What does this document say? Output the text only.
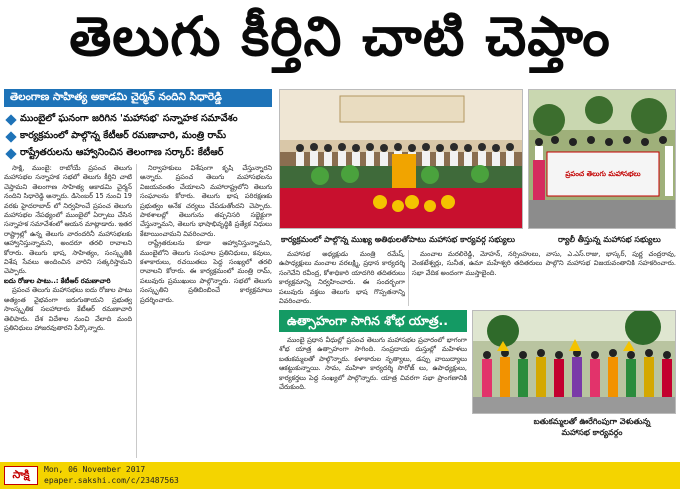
తెలుగు కీర్తిని చాటి చెప్తాం
తెలంగాణ సాహిత్య అకాడమి చైర్మన్ నందిని సిధారెడ్డి
ముంబైలో ఘనంగా జరిగిన 'మహాసభ' సన్నాహక సమావేశం
కార్యక్రమంలో పాల్గొన్న కేటీఆర్ రమణాచారి, మంత్రి రామ్
రాష్ట్రేతరులను ఆహ్వానించిన తెలంగాణ సర్కార్: కేటీఆర్

సాక్షి, ముంబై: రాబోయే ప్రపంచ తెలుగు మహాసభల సన్నాహక సభలో తెలుగు కీర్తిని చాటి చెప్తామని తెలంగాణ సాహిత్య అకాడమి చైర్మన్ నందిని సిధారెడ్డి అన్నారు. డిసెంబర్ 15 నుంచి 19 వరకు హైదరాబాద్ లో నిర్వహించే ప్రపంచ తెలుగు మహాసభల నేపథ్యంలో ముంబైలో ఏర్పాటు చేసిన సన్నాహక సమావేశంలో ఆయన మాట్లాడారు. ఇతర రాష్ట్రాల్లో ఉన్న తెలుగు వారందరినీ మహాసభలకు ఆహ్వానిస్తున్నామని, అందరూ తరలి రావాలని కోరారు. తెలుగు భాష, సాహిత్యం, సంస్కృతికి విశేష సేవలు అందించిన వారిని సత్కరిస్తామని చెప్పారు.

ఐదు రోజుల పాటు..: కేటీఆర్ రమణాచారి

ప్రపంచ తెలుగు మహాసభలు ఐదు రోజుల పాటు అత్యంత వైభవంగా జరుగుతాయని ప్రభుత్వ సాంస్కృతిక సలహాదారు కేటీఆర్ రమణాచారి తెలిపారు. దేశ విదేశాల నుంచి వేలాది మంది ప్రతినిధులు హాజరవుతారని పేర్కొన్నారు.

నిర్వాహకులు విశేషంగా కృషి చేస్తున్నారని అన్నారు. ప్రపంచ తెలుగు మహాసభలను విజయవంతం చేయాలని మహారాష్ట్రలోని తెలుగు సంఘాలను కోరారు. తెలుగు భాష పరిరక్షణకు ప్రభుత్వం అనేక చర్యలు చేపడుతోందని చెప్పారు. పాఠశాలల్లో తెలుగును తప్పనిసరి సబ్జెక్టుగా చేస్తున్నామని, తెలుగు భాషాభివృద్ధికి ప్రత్యేక నిధులు కేటాయించామని వివరించారు.

రాష్ట్రేతరులను కూడా ఆహ్వానిస్తున్నామని, ముంబైలోని తెలుగు సంఘాల ప్రతినిధులు, కవులు, కళాకారులు, రచయితలు పెద్ద సంఖ్యలో తరలి రావాలని కోరారు. ఈ కార్యక్రమంలో మంత్రి రామ్, పలువురు ప్రముఖులు పాల్గొన్నారు. సభలో తెలుగు సంస్కృతిని ప్రతిబింబించే కార్యక్రమాలు ప్రదర్శించారు.

కార్యక్రమంలో పాల్గొన్న ముఖ్య అతిథులతోపాటు మహాసభ కార్యవర్గ సభ్యులు
ప్రపంచ తెలుగు మహాసభలు
ర్యాలీ తీస్తున్న మహాసభ సభ్యులు

మహాసభ అధ్యక్షుడు మంత్రి రమేష్, ఉపాధ్యక్షులు మంచాల వరలక్ష్మి, ప్రధాన కార్యదర్శి సంగెవేని రవీంద్ర, కోశాధికారి యాదగిరి తదితరులు కార్యక్రమాన్ని నిర్వహించారు. ఈ సందర్భంగా పలువురు వక్తలు తెలుగు భాష గొప్పతనాన్ని వివరించారు.

మంచాల మరలిరెడ్డి, మోహన్, నర్సింహులు, వాసు, ఎ.ఎస్.రాజు, భాస్కర్, పుర్ణ చంద్రరావు, వెంకటేశ్వర్లు, సునీత, ఉమా మహేశ్వరి తదితరులు పాల్గొని మహాసభ విజయవంతానికి సహకరించారు. సభా వేదిక అందంగా ముస్తాబైంది.

ఉత్సాహంగా సాగిన శోభ యాత్ర..

ముంబై ప్రధాన వీధుల్లో ప్రపంచ తెలుగు మహాసభల ప్రచారంలో భాగంగా శోభ యాత్ర ఉత్సాహంగా సాగింది. సంప్రదాయ దుస్తుల్లో మహిళలు బతుకమ్మలతో పాల్గొన్నారు. కళాకారుల నృత్యాలు, డప్పు వాయిద్యాలు ఆకట్టుకున్నాయి. సామ, మహిళా కార్యదర్శి సొరోజ్ లు, ఉపాధ్యక్షులు, కార్యకర్తలు పెద్ద సంఖ్యలో పాల్గొన్నారు. యాత్ర చివరగా సభా ప్రాంగణానికి చేరుకుంది.

బతుకమ్మలతో ఊరేగింపుగా వెళుతున్న
మహాసభ కార్యవర్గం
సాక్షి	Mon, 06 November 2017
epaper.sakshi.com/c/23487563
